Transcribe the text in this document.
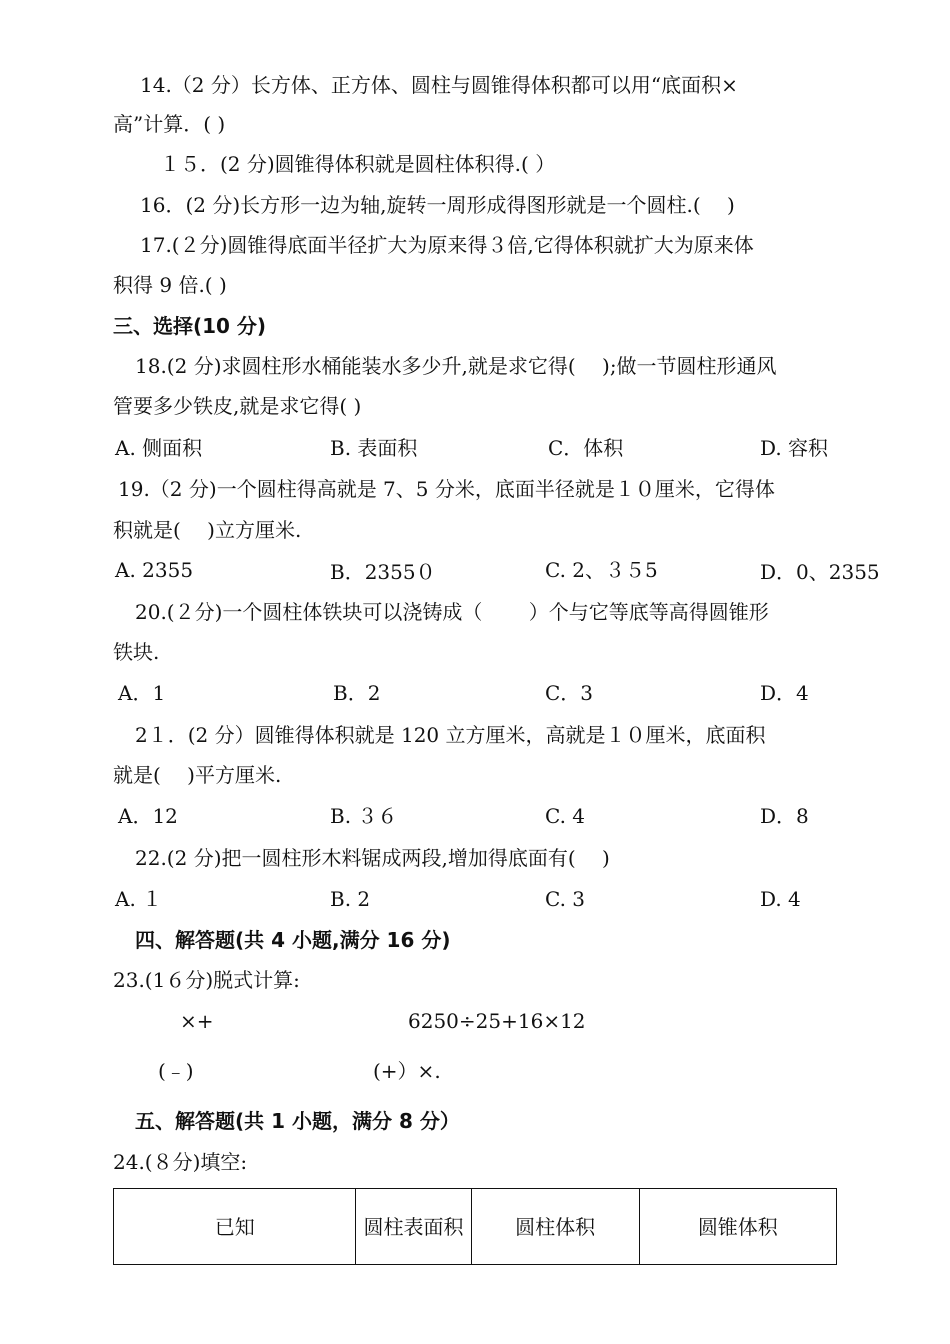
14.（2 分）长方体、正方体、圆柱与圆锥得体积都可以用“底面积×
高”计算．( )
１５．(2 分)圆锥得体积就是圆柱体积得.( ）
16．(2 分)长方形一边为轴,旋转一周形成得图形就是一个圆柱.(　 )
17.(２分)圆锥得底面半径扩大为原来得３倍,它得体积就扩大为原来体
积得 9 倍.( )
三、选择(10 分)
18.(2 分)求圆柱形水桶能装水多少升,就是求它得(　 );做一节圆柱形通风
管要多少铁皮,就是求它得( )
A. 侧面积	B. 表面积	C．体积	D. 容积
19.（2 分)一个圆柱得高就是 7、5 分米，底面半径就是１０厘米，它得体
积就是(　 )立方厘米.
A. 2355	B．2355０	C. 2、３５5	D．0、2355
20.(２分)一个圆柱体铁块可以浇铸成（　　 ）个与它等底等高得圆锥形
铁块.
A．1	B．2	C．3	D．4
2１．(2 分）圆锥得体积就是 120 立方厘米，高就是１０厘米，底面积
就是(　 )平方厘米.
A．12	B. ３６	C. 4	D．8
22.(2 分)把一圆柱形木料锯成两段,增加得底面有(　 )
A. １	B. 2	C. 3	D. 4
四、解答题(共 4 小题,满分 16 分)
23.(1６分)脱式计算:
×+	6250÷25+16×12
(﹣)	(+）×.
五、解答题(共 1 小题，满分 8 分）
24.(８分)填空:
已知	圆柱表面积	圆柱体积	圆锥体积
